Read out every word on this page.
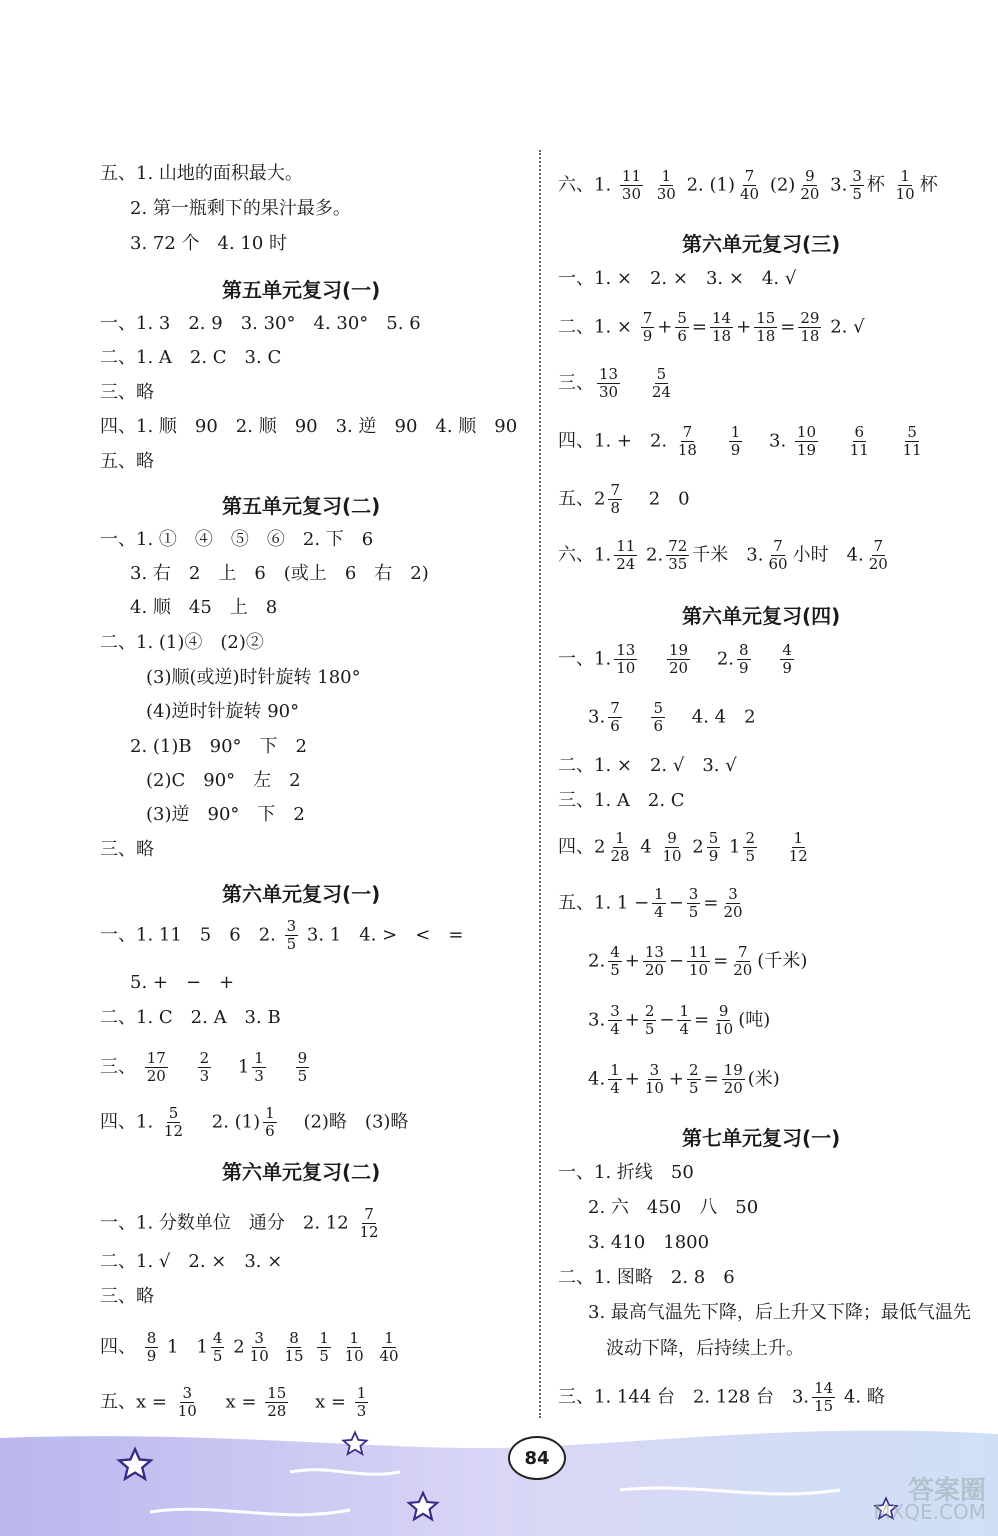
五、1. 山地的面积最大。
2. 第一瓶剩下的果汁最多。
3. 72 个　4. 10 时
第五单元复习(一)
一、1. 3　2. 9　3. 30°　4. 30°　5. 6
二、1. A　2. C　3. C
三、略
四、1. 顺　90　2. 顺　90　3. 逆　90　4. 顺　90
五、略
第五单元复习(二)
一、1. ①　④　⑤　⑥　2. 下　6
3. 右　2　上　6　(或上　6　右　2)
4. 顺　45　上　8
二、1. (1)④　(2)②
(3)顺(或逆)时针旋转 180°
(4)逆时针旋转 90°
2. (1)B　90°　下　2
(2)C　90°　左　2
(3)逆　90°　下　2
三、略
第六单元复习(一)
一、1. 11　5　6　2. $\frac{3}{5} 3$. 1　4. >　<　=
5. +　−　+
二、1. C　2. A　3. B
三、 $\frac{17}{20}$
$\frac{2}{3} 1 \frac{1}{3}$
$\frac{9}{5}$
四、1. $\frac{5}{12} 2$. $(1) \frac{1}{6} (2)$略　(3)略
第六单元复习(二)
一、1. 分数单位　通分　2. $12 \frac{7}{12}$
二、1. √　2. ×　3. ×
三、略
四、 $\frac{8}{9} 1$　$1 \frac{4}{5} 2 \frac{3}{10}$
$\frac{8}{15}$
$\frac{1}{5}$
$\frac{1}{10}$
$\frac{1}{40}$
五、$x = \frac{3}{10}$ $x = \frac{15}{28}$ $x = \frac{1}{3}$
六、1. $\frac{11}{30}$
$\frac{1}{30} 2$. $(1) \frac{7}{40} (2) \frac{9}{20} 3$. $\frac{3}{5}$ 杯 $\frac{1}{10}$ 杯
第六单元复习(三)
一、1. ×　2. ×　3. ×　4. √
二、1. × $\frac{7}{9} + \frac{5}{6} = \frac{14}{18} + \frac{15}{18} = \frac{29}{18} 2$. √
三、 $\frac{13}{30}$
$\frac{5}{24}$
四、1. +　2. $\frac{7}{18}$
$\frac{1}{9} 3$. $\frac{10}{19}$
$\frac{6}{11}$
$\frac{5}{11}$
五、$2 \frac{7}{8} 2$　0
六、1. $\frac{11}{24} 2$. $\frac{72}{35}$ 千米　3. $\frac{7}{60}$ 小时　4. $\frac{7}{20}$
第六单元复习(四)
一、1. $\frac{13}{10}$
$\frac{19}{20} 2$. $\frac{8}{9}$
$\frac{4}{9}$
3. $\frac{7}{6}$
$\frac{5}{6} 4$. 4　2
二、1. ×　2. √　3. √
三、1. A　2. C
四、$2 \frac{1}{28} 4 \frac{9}{10} 2 \frac{5}{9} 1 \frac{2}{5}$
$\frac{1}{12}$
五、1. $1 - \frac{1}{4} - \frac{3}{5} = \frac{3}{20}$
2. $\frac{4}{5} + \frac{13}{20} - \frac{11}{10} = \frac{7}{20}$ (千米)
3. $\frac{3}{4} + \frac{2}{5} - \frac{1}{4} = \frac{9}{10}$ (吨)
4. $\frac{1}{4} + \frac{3}{10} + \frac{2}{5} = \frac{19}{20}$ (米)
第七单元复习(一)
一、1. 折线　50
2. 六　450　八　50
3. 410　1800
二、1. 图略　2. 8　6
3. 最高气温先下降，后上升又下降；最低气温先
波动下降，后持续上升。
三、1. 144 台　2. 128 台　3. $\frac{14}{15} 4$. 略
84
答案圈
MXQE.COM
